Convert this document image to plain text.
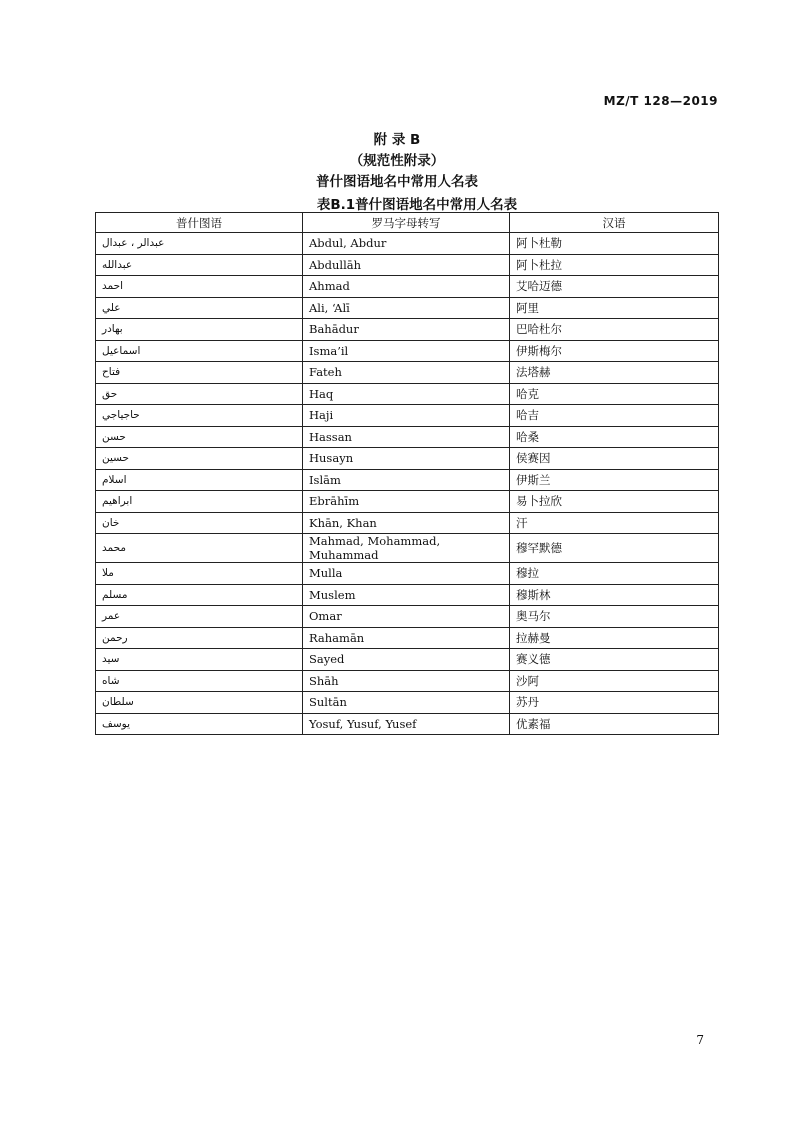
MZ/T 128—2019
附 录 B
（规范性附录）
普什图语地名中常用人名表
表B.1普什图语地名中常用人名表
普什图语	罗马字母转写	汉语
عبدالر ، عبدال	Abdul, Abdur	阿卜杜勒
عبدالله	Abdullāh	阿卜杜拉
احمد	Ahmad	艾哈迈德
علي	Ali, ‘Alī	阿里
بهادر	Bahādur	巴哈杜尔
اسماعيل	Isma’il	伊斯梅尔
فتاح	Fateh	法塔赫
حق	Haq	哈克
حاجياجي	Haji	哈吉
حسن	Hassan	哈桑
حسين	Husayn	侯赛因
اسلام	Islām	伊斯兰
ابراهيم	Ebrāhīm	易卜拉欣
خان	Khān, Khan	汗
محمد	Mahmad, Mohammad, Muhammad	穆罕默德
ملا	Mulla	穆拉
مسلم	Muslem	穆斯林
عمر	Omar	奥马尔
رحمن	Rahamān	拉赫曼
سيد	Sayed	赛义德
شاه	Shāh	沙阿
سلطان	Sultān	苏丹
يوسف	Yosuf, Yusuf, Yusef	优素福
7
